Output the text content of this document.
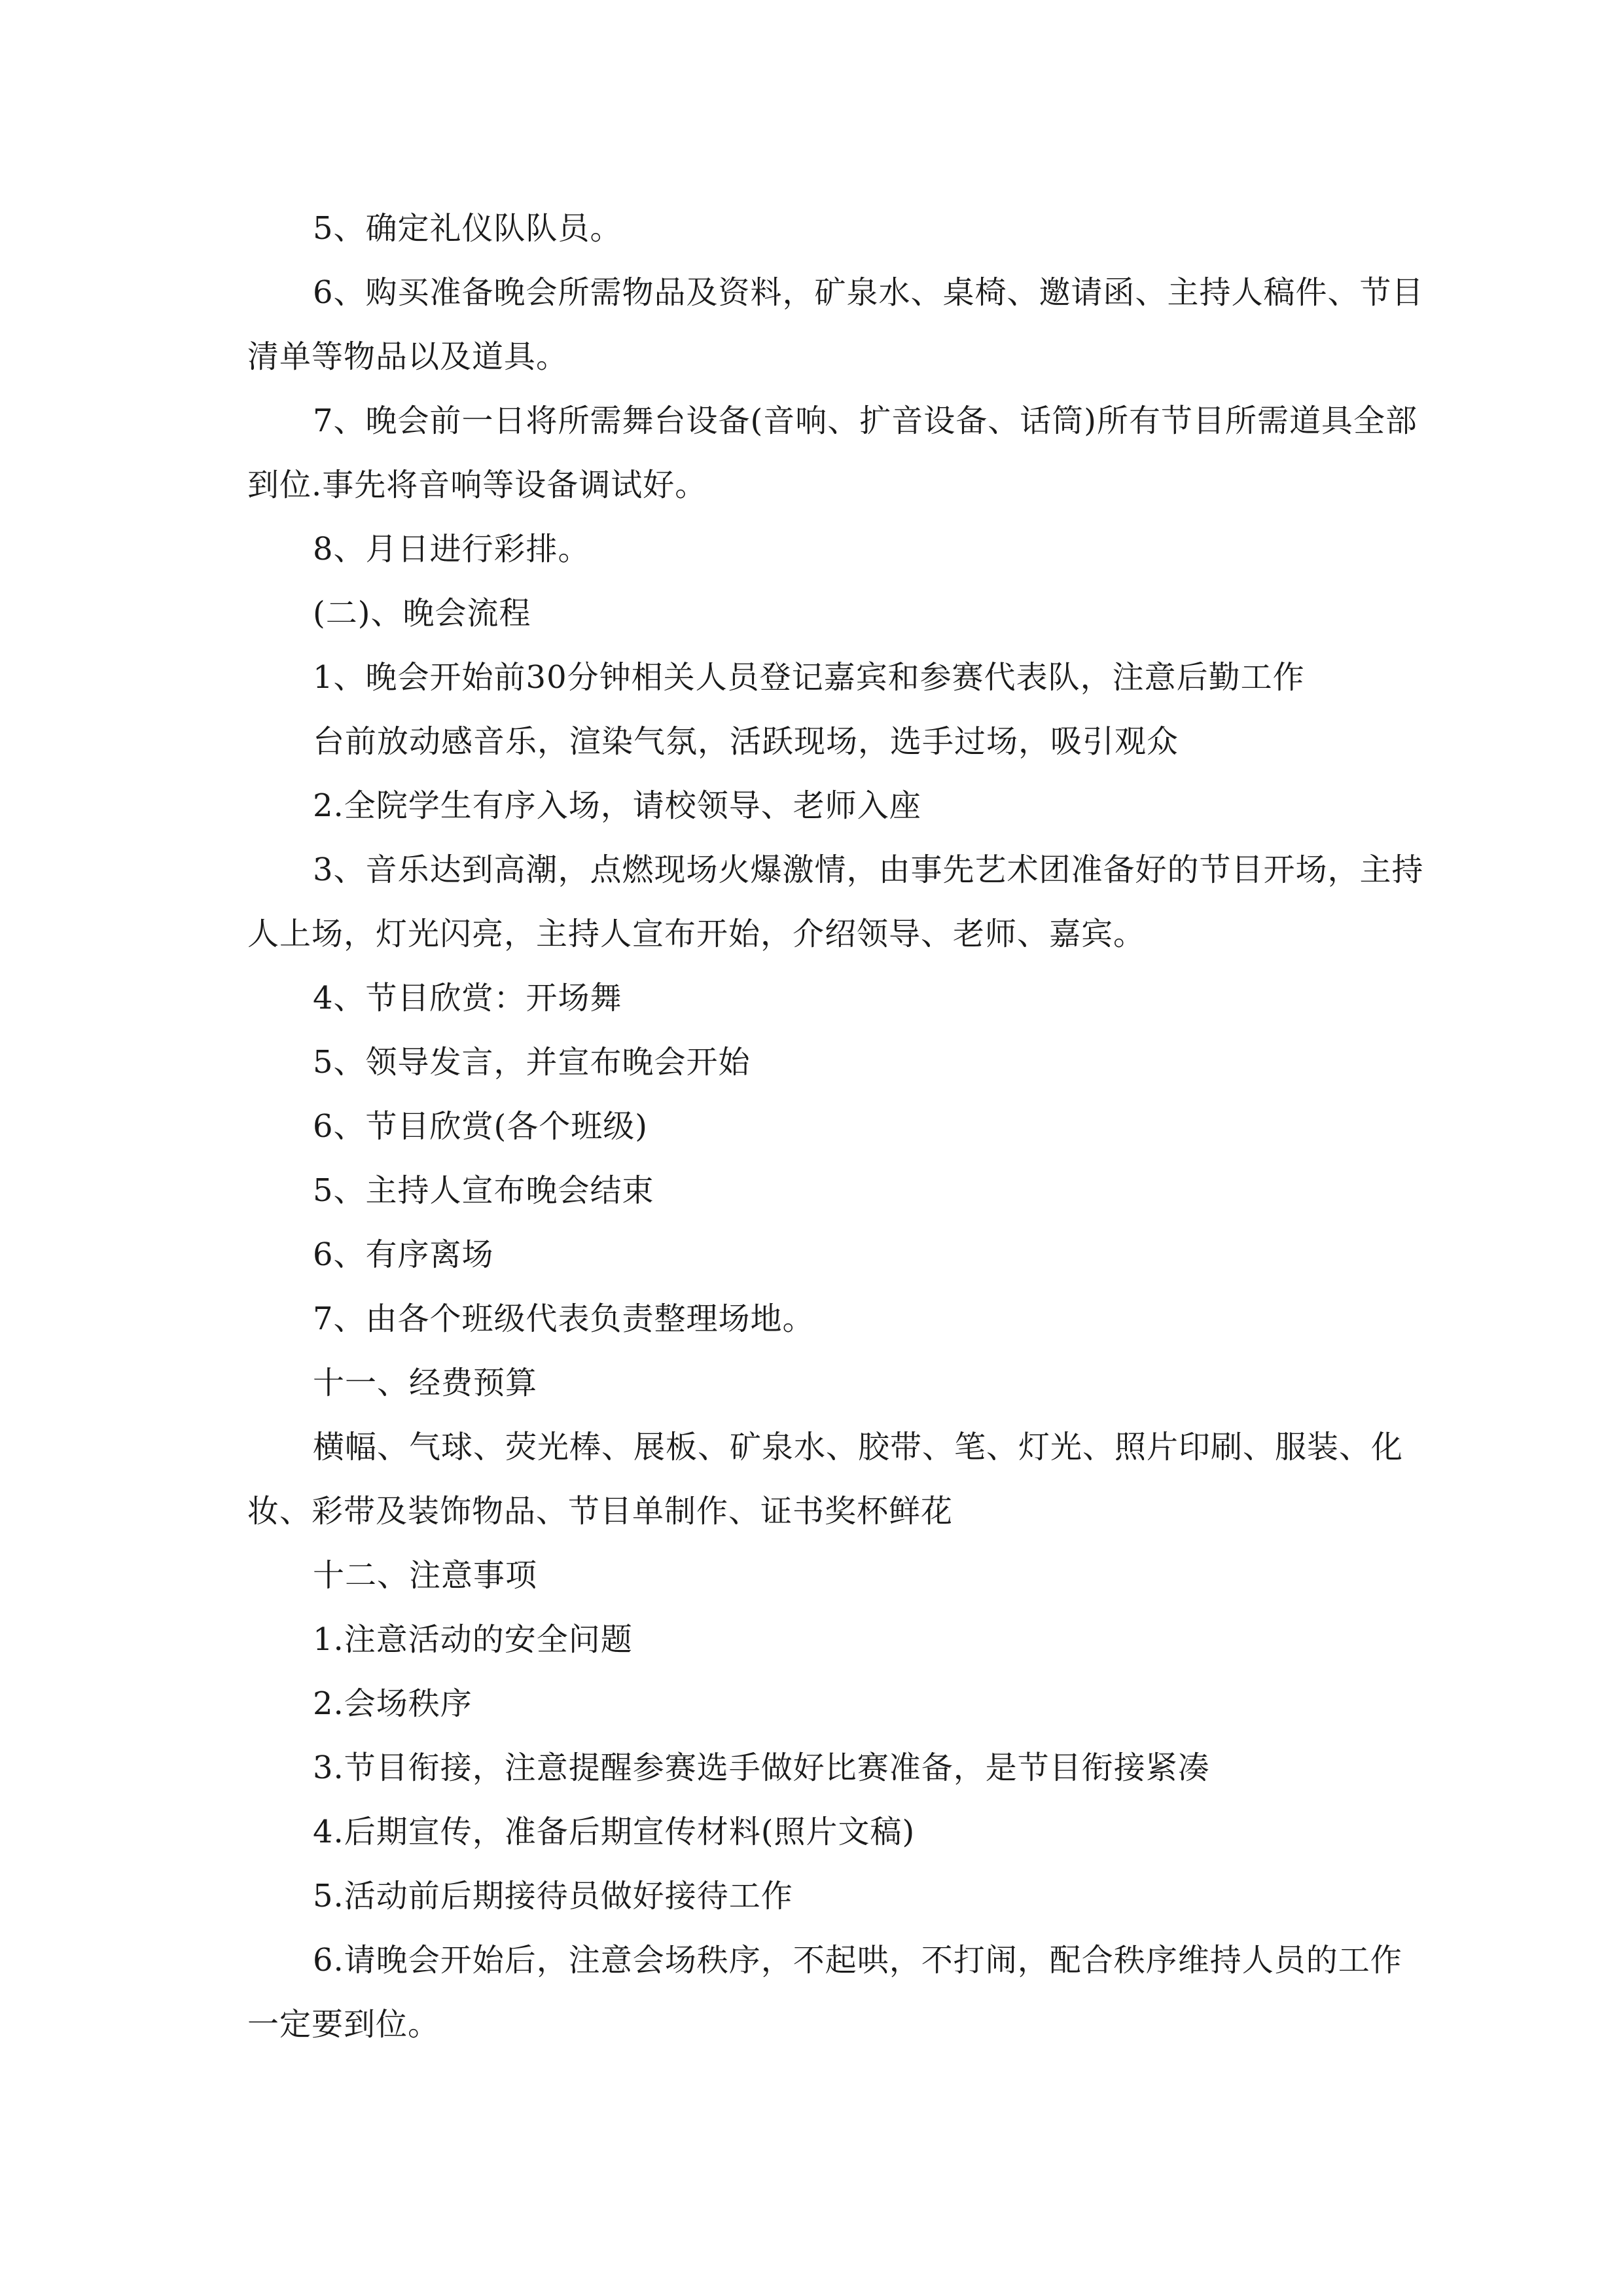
5、确定礼仪队队员。

6、购买准备晚会所需物品及资料，矿泉水、桌椅、邀请函、主持人稿件、节目清单等物品以及道具。

7、晚会前一日将所需舞台设备(音响、扩音设备、话筒)所有节目所需道具全部到位.事先将音响等设备调试好。

8、月日进行彩排。

(二)、晚会流程

1、晚会开始前30分钟相关人员登记嘉宾和参赛代表队，注意后勤工作

台前放动感音乐，渲染气氛，活跃现场，选手过场，吸引观众

2.全院学生有序入场，请校领导、老师入座

3、音乐达到高潮，点燃现场火爆激情，由事先艺术团准备好的节目开场，主持人上场，灯光闪亮，主持人宣布开始，介绍领导、老师、嘉宾。

4、节目欣赏：开场舞

5、领导发言，并宣布晚会开始

6、节目欣赏(各个班级)

5、主持人宣布晚会结束

6、有序离场

7、由各个班级代表负责整理场地。

十一、经费预算

横幅、气球、荧光棒、展板、矿泉水、胶带、笔、灯光、照片印刷、服装、化妆、彩带及装饰物品、节目单制作、证书奖杯鲜花

十二、注意事项

1.注意活动的安全问题

2.会场秩序

3.节目衔接，注意提醒参赛选手做好比赛准备，是节目衔接紧凑

4.后期宣传，准备后期宣传材料(照片文稿)

5.活动前后期接待员做好接待工作

6.请晚会开始后，注意会场秩序，不起哄，不打闹，配合秩序维持人员的工作一定要到位。
